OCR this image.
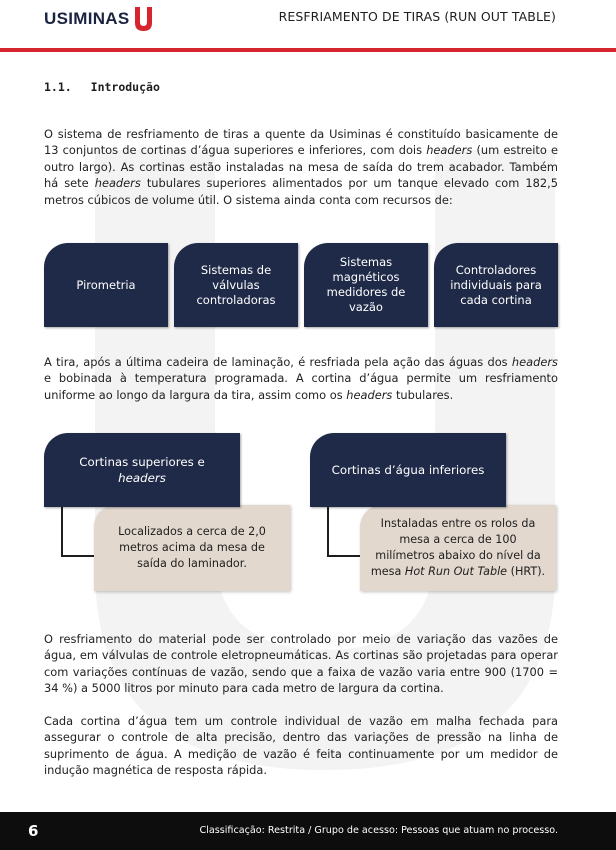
USIMINAS	RESFRIAMENTO DE TIRAS (RUN OUT TABLE)
1.1. Introdução

O sistema de resfriamento de tiras a quente da Usiminas é constituído basicamente de 13 conjuntos de cortinas d’água superiores e inferiores, com dois headers (um estreito e outro largo). As cortinas estão instaladas na mesa de saída do trem acabador. Também há sete headers tubulares superiores alimentados por um tanque elevado com 182,5 metros cúbicos de volume útil. O sistema ainda conta com recursos de:

Pirometria
Sistemas de válvulas controladoras
Sistemas magnéticos medidores de vazão
Controladores individuais para cada cortina

A tira, após a última cadeira de laminação, é resfriada pela ação das águas dos headers e bobinada à temperatura programada. A cortina d’água permite um resfriamento uniforme ao longo da largura da tira, assim como os headers tubulares.

Cortinas superiores e
headers
Localizados a cerca de 2,0 metros acima da mesa de saída do laminador.
Cortinas d’água inferiores
Instaladas entre os rolos da mesa a cerca de 100 milímetros abaixo do nível da mesa Hot Run Out Table (HRT).

O resfriamento do material pode ser controlado por meio de variação das vazões de água, em válvulas de controle eletropneumáticas. As cortinas são projetadas para operar com variações contínuas de vazão, sendo que a faixa de vazão varia entre 900 (1700 = 34 %) a 5000 litros por minuto para cada metro de largura da cortina.

Cada cortina d’água tem um controle individual de vazão em malha fechada para assegurar o controle de alta precisão, dentro das variações de pressão na linha de suprimento de água. A medição de vazão é feita continuamente por um medidor de indução magnética de resposta rápida.

6	Classificação: Restrita / Grupo de acesso: Pessoas que atuam no processo.
